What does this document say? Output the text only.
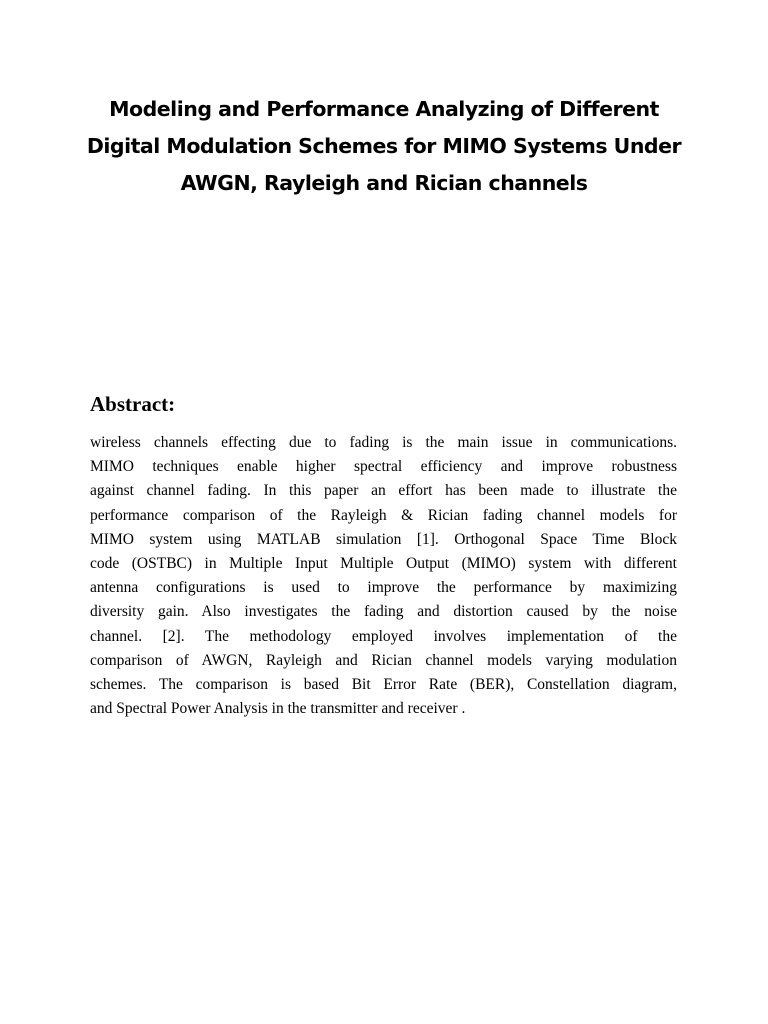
Modeling and Performance Analyzing of Different
Digital Modulation Schemes for MIMO Systems Under
AWGN, Rayleigh and Rician channels
Abstract:
wireless channels effecting due to fading is the main issue in communications.
MIMO techniques enable higher spectral efficiency and improve robustness
against channel fading. In this paper an effort has been made to illustrate the
performance comparison of the Rayleigh & Rician fading channel models for
MIMO system using MATLAB simulation [1]. Orthogonal Space Time Block
code (OSTBC) in Multiple Input Multiple Output (MIMO) system with different
antenna configurations is used to improve the performance by maximizing
diversity gain. Also investigates the fading and distortion caused by the noise
channel. [2]. The methodology employed involves implementation of the
comparison of AWGN, Rayleigh and Rician channel models varying modulation
schemes. The comparison is based Bit Error Rate (BER), Constellation diagram,
and Spectral Power Analysis in the transmitter and receiver .
